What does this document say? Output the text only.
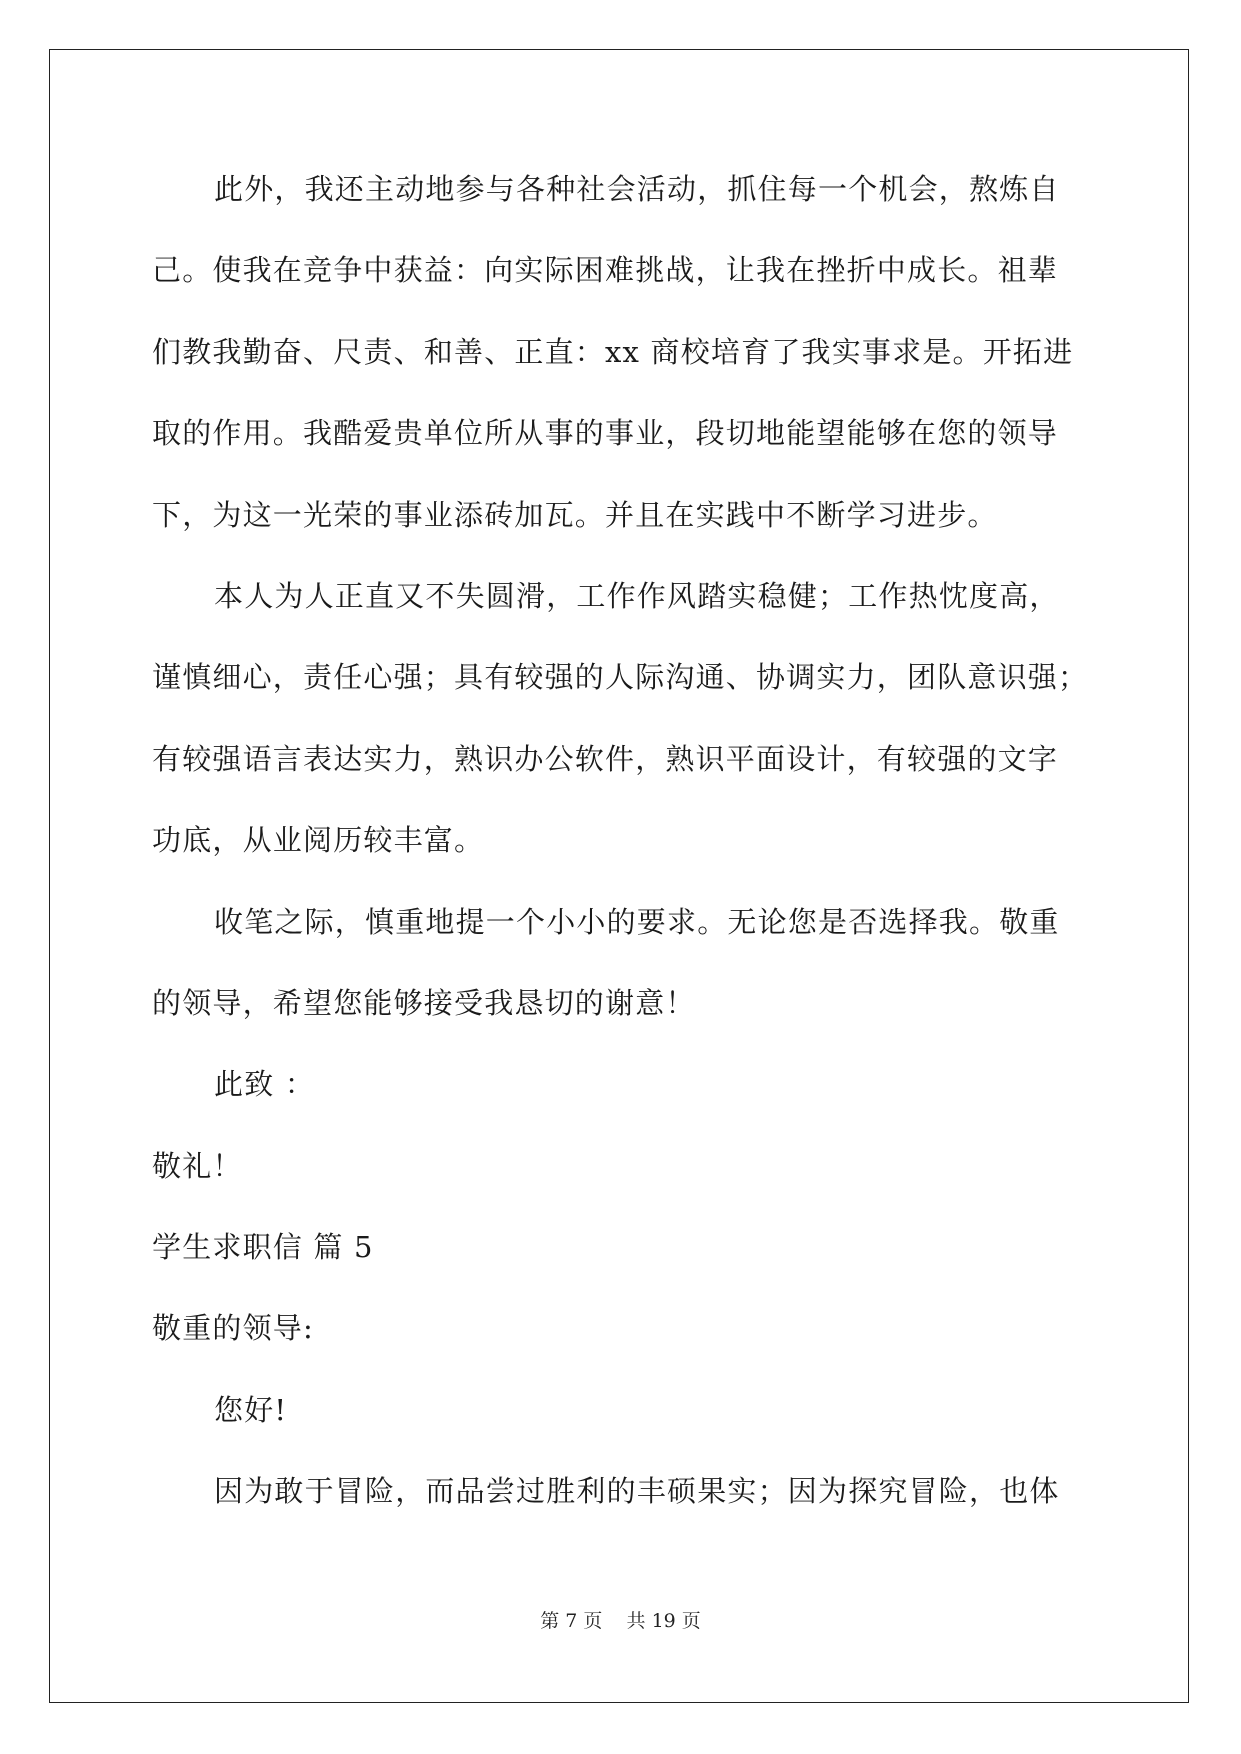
此外，我还主动地参与各种社会活动，抓住每一个机会，熬炼自
己。使我在竞争中获益：向实际困难挑战，让我在挫折中成长。祖辈
们教我勤奋、尺责、和善、正直：xx 商校培育了我实事求是。开拓进
取的作用。我酷爱贵单位所从事的事业，段切地能望能够在您的领导
下，为这一光荣的事业添砖加瓦。并且在实践中不断学习进步。
本人为人正直又不失圆滑，工作作风踏实稳健；工作热忱度高，
谨慎细心，责任心强；具有较强的人际沟通、协调实力，团队意识强；
有较强语言表达实力，熟识办公软件，熟识平面设计，有较强的文字
功底，从业阅历较丰富。
收笔之际，慎重地提一个小小的要求。无论您是否选择我。敬重
的领导，希望您能够接受我恳切的谢意！
此致 ：
敬礼！
学生求职信 篇 5
敬重的领导:
您好!
因为敢于冒险，而品尝过胜利的丰硕果实；因为探究冒险，也体
第 7 页    共 19 页
